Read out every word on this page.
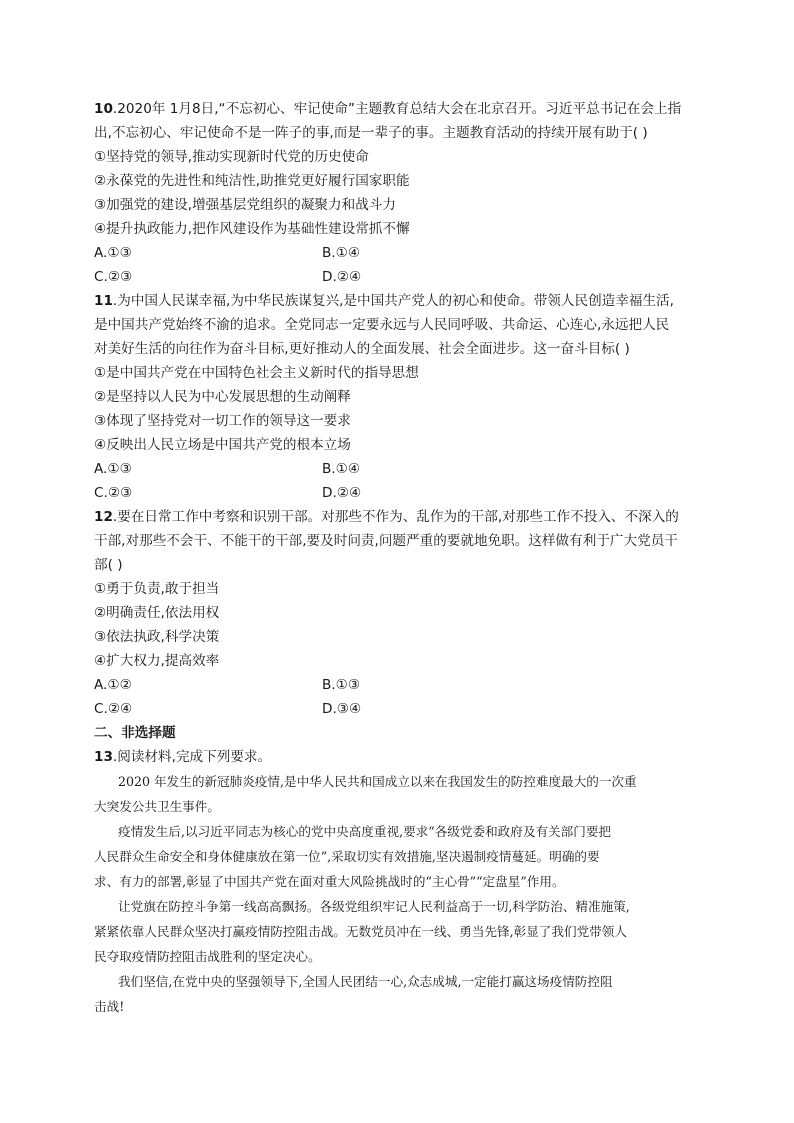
10.2020年 1月8日,“不忘初心、牢记使命”主题教育总结大会在北京召开。习近平总书记在会上指
出,不忘初心、牢记使命不是一阵子的事,而是一辈子的事。主题教育活动的持续开展有助于( )
①坚持党的领导,推动实现新时代党的历史使命
②永葆党的先进性和纯洁性,助推党更好履行国家职能
③加强党的建设,增强基层党组织的凝聚力和战斗力
④提升执政能力,把作风建设作为基础性建设常抓不懈
A.①③	B.①④
C.②③	D.②④
11.为中国人民谋幸福,为中华民族谋复兴,是中国共产党人的初心和使命。带领人民创造幸福生活,
是中国共产党始终不渝的追求。全党同志一定要永远与人民同呼吸、共命运、心连心,永远把人民
对美好生活的向往作为奋斗目标,更好推动人的全面发展、社会全面进步。这一奋斗目标( )
①是中国共产党在中国特色社会主义新时代的指导思想
②是坚持以人民为中心发展思想的生动阐释
③体现了坚持党对一切工作的领导这一要求
④反映出人民立场是中国共产党的根本立场
A.①③	B.①④
C.②③	D.②④
12.要在日常工作中考察和识别干部。对那些不作为、乱作为的干部,对那些工作不投入、不深入的
干部,对那些不会干、不能干的干部,要及时问责,问题严重的要就地免职。这样做有利于广大党员干
部( )
①勇于负责,敢于担当
②明确责任,依法用权
③依法执政,科学决策
④扩大权力,提高效率
A.①②	B.①③
C.②④	D.③④
二、非选择题
13.阅读材料,完成下列要求。
2020 年发生的新冠肺炎疫情,是中华人民共和国成立以来在我国发生的防控难度最大的一次重
大突发公共卫生事件。
疫情发生后,以习近平同志为核心的党中央高度重视,要求“各级党委和政府及有关部门要把
人民群众生命安全和身体健康放在第一位”,采取切实有效措施,坚决遏制疫情蔓延。明确的要
求、有力的部署,彰显了中国共产党在面对重大风险挑战时的“主心骨”“定盘星”作用。
让党旗在防控斗争第一线高高飘扬。各级党组织牢记人民利益高于一切,科学防治、精准施策,
紧紧依靠人民群众坚决打赢疫情防控阻击战。无数党员冲在一线、勇当先锋,彰显了我们党带领人
民夺取疫情防控阻击战胜利的坚定决心。
我们坚信,在党中央的坚强领导下,全国人民团结一心,众志成城,一定能打赢这场疫情防控阻
击战!
